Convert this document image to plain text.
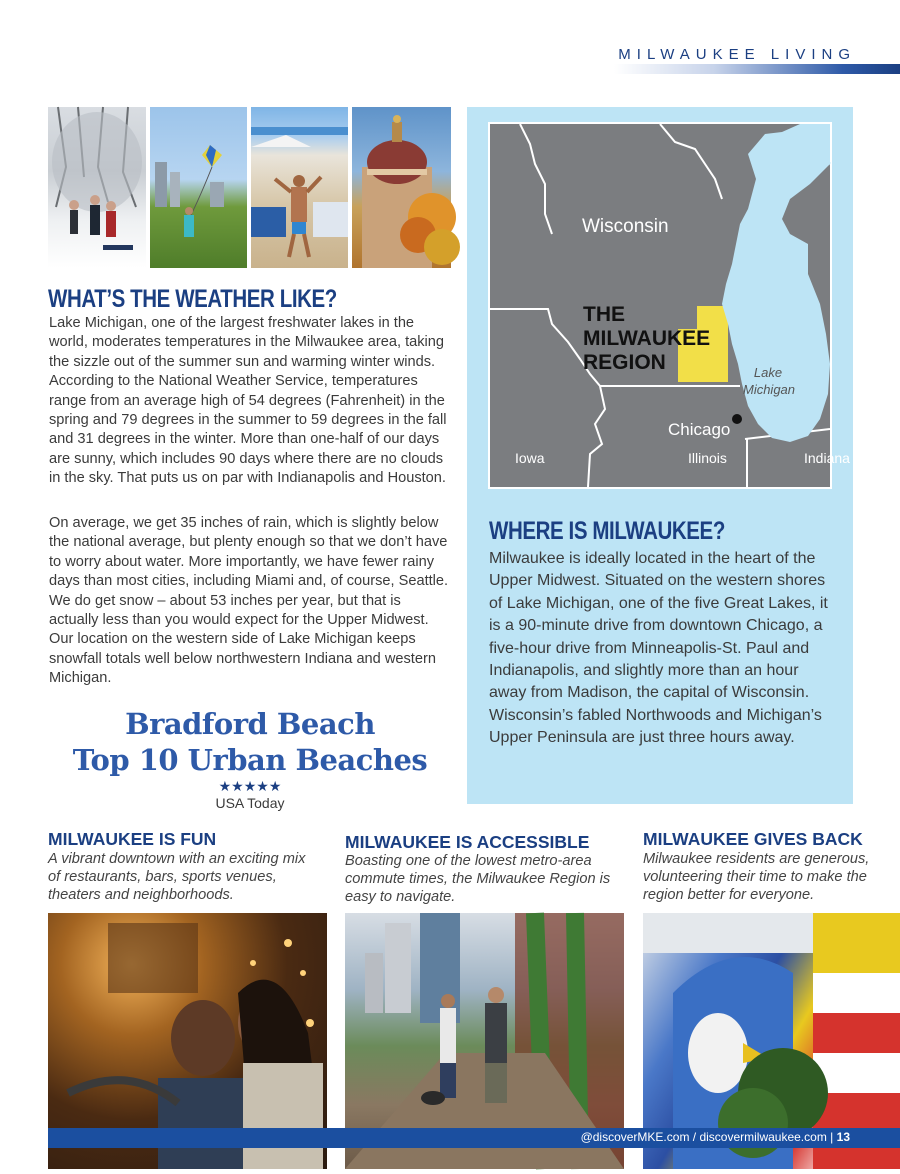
MILWAUKEE LIVING
WHAT’S THE WEATHER LIKE?
Lake Michigan, one of the largest freshwater lakes in the world, moderates temperatures in the Milwaukee area, taking the sizzle out of the summer sun and warming winter winds. According to the National Weather Service, temperatures range from an average high of 54 degrees (Fahrenheit) in the spring and 79 degrees in the summer to 59 degrees in the fall and 31 degrees in the winter. More than one-half of our days are sunny, which includes 90 days where there are no clouds in the sky. That puts us on par with Indianapolis and Houston.
On average, we get 35 inches of rain, which is slightly below the national average, but plenty enough so that we don’t have to worry about water. More importantly, we have fewer rainy days than most cities, including Miami and, of course, Seattle. We do get snow – about 53 inches per year, but that is actually less than you would expect for the Upper Midwest. Our location on the western side of Lake Michigan keeps snowfall totals well below northwestern Indiana and western Michigan.
Wisconsin
THE
MILWAUKEE
REGION	Lake
Michigan
Chicago
Iowa	Illinois	Indiana
WHERE IS MILWAUKEE?
Milwaukee is ideally located in the heart of the Upper Midwest. Situated on the western shores of Lake Michigan, one of the five Great Lakes, it is a 90-minute drive from downtown Chicago, a five-hour drive from Minneapolis-St. Paul and Indianapolis, and slightly more than an hour away from Madison, the capital of Wisconsin. Wisconsin’s fabled Northwoods and Michigan’s Upper Peninsula are just three hours away.
Bradford Beach
Top 10 Urban Beaches
★★★★★
USA Today
MILWAUKEE IS FUN
A vibrant downtown with an exciting mix of restaurants, bars, sports venues, theaters and neighborhoods.
MILWAUKEE IS ACCESSIBLE
Boasting one of the lowest metro-area commute times, the Milwaukee Region is easy to navigate.
MILWAUKEE GIVES BACK
Milwaukee residents are generous, volunteering their time to make the region better for everyone.
@discoverMKE.com / discovermilwaukee.com | 13
